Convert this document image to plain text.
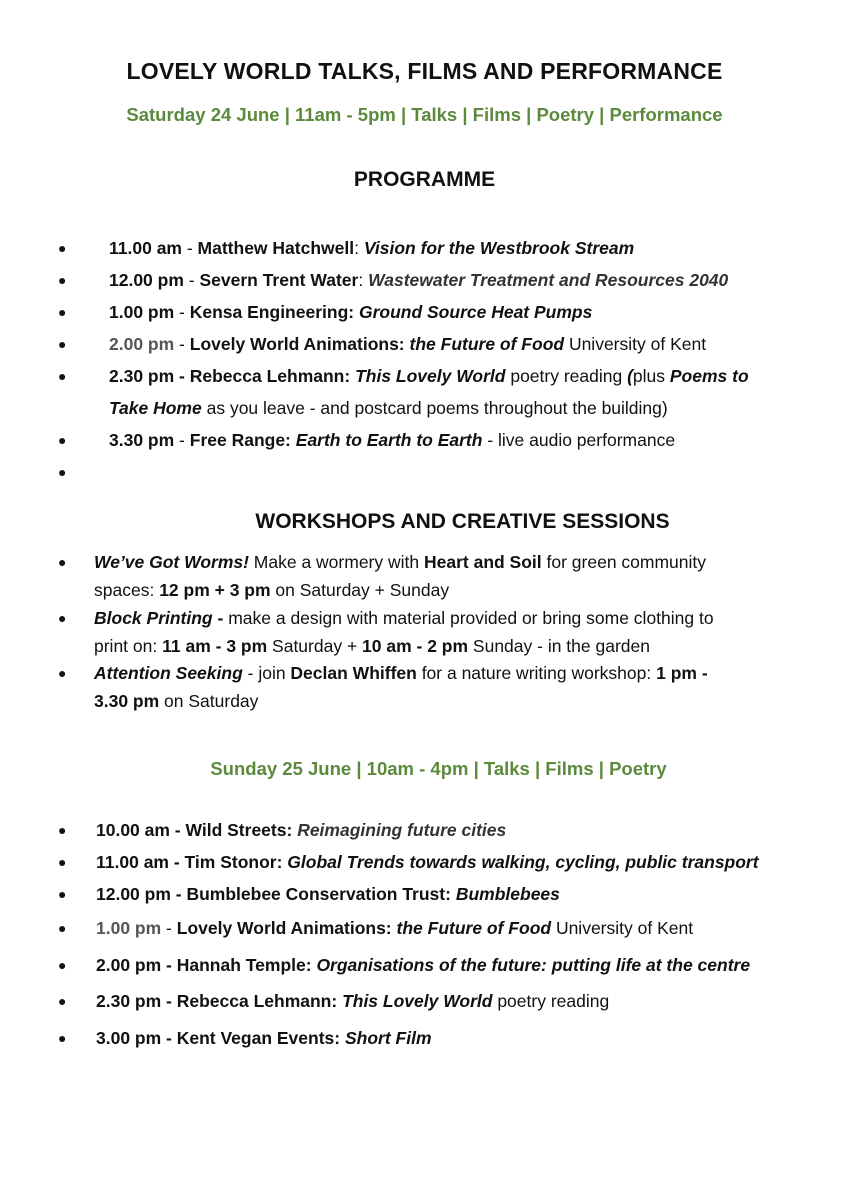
LOVELY WORLD TALKS, FILMS AND PERFORMANCE
Saturday 24 June | 11am - 5pm | Talks | Films | Poetry | Performance
PROGRAMME
●
●
●
●
●
●
●
11.00 am - Matthew Hatchwell: Vision for the Westbrook Stream
12.00 pm - Severn Trent Water: Wastewater Treatment and Resources 2040
1.00 pm - Kensa Engineering: Ground Source Heat Pumps
2.00 pm - Lovely World Animations: the Future of Food University of Kent
2.30 pm - Rebecca Lehmann: This Lovely World poetry reading (plus Poems to
Take Home as you leave - and postcard poems throughout the building)
3.30 pm - Free Range: Earth to Earth to Earth - live audio performance
WORKSHOPS AND CREATIVE SESSIONS
●
●
●
We’ve Got Worms! Make a wormery with Heart and Soil for green community
spaces: 12 pm + 3 pm on Saturday + Sunday
Block Printing - make a design with material provided or bring some clothing to
print on: 11 am - 3 pm Saturday + 10 am - 2 pm Sunday - in the garden
Attention Seeking - join Declan Whiffen for a nature writing workshop: 1 pm -
3.30 pm on Saturday
Sunday 25 June | 10am - 4pm | Talks | Films | Poetry
●
●
●
●
●
●
●
10.00 am - Wild Streets: Reimagining future cities
11.00 am - Tim Stonor: Global Trends towards walking, cycling, public transport
12.00 pm - Bumblebee Conservation Trust: Bumblebees
1.00 pm - Lovely World Animations: the Future of Food University of Kent
2.00 pm - Hannah Temple: Organisations of the future: putting life at the centre
2.30 pm - Rebecca Lehmann: This Lovely World poetry reading
3.00 pm - Kent Vegan Events: Short Film
